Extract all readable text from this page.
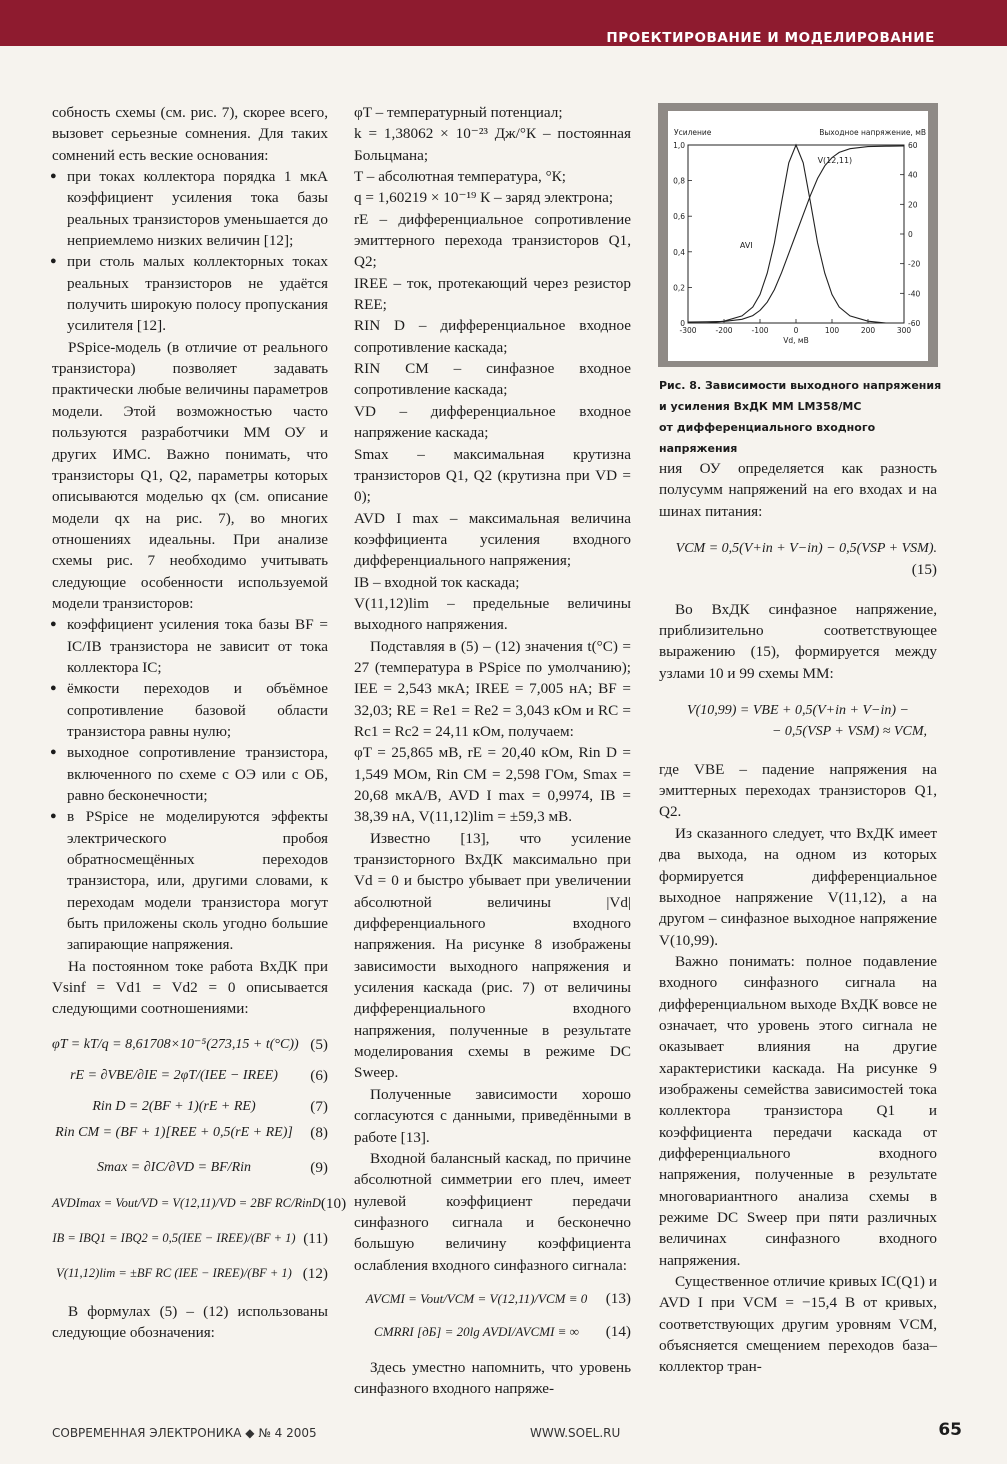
ПРОЕКТИРОВАНИЕ И МОДЕЛИРОВАНИЕ

собность схемы (см. рис. 7), скорее всего, вызовет серьезные сомнения. Для таких сомнений есть веские основания:

● при токах коллектора порядка 1 мкА коэффициент усиления тока базы реальных транзисторов уменьшается до неприемлемо низких величин [12];
● при столь малых коллекторных токах реальных транзисторов не удаётся получить широкую полосу пропускания усилителя [12].

PSpice-модель (в отличие от реального транзистора) позволяет задавать практически любые величины параметров модели. Этой возможностью часто пользуются разработчики ММ ОУ и других ИМС. Важно понимать, что транзисторы Q1, Q2, параметры которых описываются моделью qx (см. описание модели qx на рис. 7), во многих отношениях идеальны. При анализе схемы рис. 7 необходимо учитывать следующие особенности используемой модели транзисторов:

● коэффициент усиления тока базы BF = IC/IB транзистора не зависит от тока коллектора IC;
● ёмкости переходов и объёмное сопротивление базовой области транзистора равны нулю;
● выходное сопротивление транзистора, включенного по схеме с ОЭ или с ОБ, равно бесконечности;
● в PSpice не моделируются эффекты электрического пробоя обратносмещённых переходов транзистора, или, другими словами, к переходам модели транзистора могут быть приложены сколь угодно большие запирающие напряжения.

На постоянном токе работа ВхДК при Vsinf = Vd1 = Vd2 = 0 описывается следующими соотношениями:

φT = kT/q = 8,61708×10⁻⁵(273,15 + t(°C)) (5)
rE = ∂VBE/∂IE = 2φT/(IEE − IREE)	(6)
Rin D = 2(BF + 1)(rE + RE)	(7)
Rin CM = (BF + 1)[REE + 0,5(rE + RE)]	(8)
Smax = ∂IC/∂VD = BF/Rin	(9)
AVDImax = Vout/VD = V(12,11)/VD = 2BF RC/RinD (10)
IB = IBQ1 = IBQ2 = 0,5(IEE − IREE)/(BF + 1) (11)
V(11,12)lim = ±BF RC (IEE − IREE)/(BF + 1) (12)

В формулах (5) – (12) использованы следующие обозначения:

φT – температурный потенциал;

k = 1,38062 × 10⁻²³ Дж/°К – постоянная Больцмана;

T – абсолютная температура, °К;

q = 1,60219 × 10⁻¹⁹ К – заряд электрона;

rE – дифференциальное сопротивление эмиттерного перехода транзисторов Q1, Q2;

IREE – ток, протекающий через резистор REE;

RIN D – дифференциальное входное сопротивление каскада;

RIN CM – синфазное входное сопротивление каскада;

VD – дифференциальное входное напряжение каскада;

Smax – максимальная крутизна транзисторов Q1, Q2 (крутизна при VD = 0);

AVD I max – максимальная величина коэффициента усиления входного дифференциального напряжения;

IB – входной ток каскада;

V(11,12)lim – предельные величины выходного напряжения.

Подставляя в (5) – (12) значения t(°C) = 27 (температура в PSpice по умолчанию); IEE = 2,543 мкА; IREE = 7,005 нА; BF = 32,03; RE = Re1 = Re2 = 3,043 кОм и RC = Rc1 = Rc2 = 24,11 кОм, получаем:

φT = 25,865 мВ, rE = 20,40 кОм, Rin D = 1,549 МОм, Rin CM = 2,598 ГОм, Smax = 20,68 мкА/В, AVD I max = 0,9974, IB = 38,39 нА, V(11,12)lim = ±59,3 мВ.

Известно [13], что усиление транзисторного ВхДК максимально при Vd = 0 и быстро убывает при увеличении абсолютной величины |Vd| дифференциального входного напряжения. На рисунке 8 изображены зависимости выходного напряжения и усиления каскада (рис. 7) от величины дифференциального входного напряжения, полученные в результате моделирования схемы в режиме DC Sweep.

Полученные зависимости хорошо согласуются с данными, приведёнными в работе [13].

Входной балансный каскад, по причине абсолютной симметрии его плеч, имеет нулевой коэффициент передачи синфазного сигнала и бесконечно большую величину коэффициента ослабления входного синфазного сигнала:

AVCMI = Vout/VCM = V(12,11)/VCM ≡ 0	(13)
CMRRI [дБ] = 20lg AVDI/AVCMI ≡ ∞	(14)

Здесь уместно напомнить, что уровень синфазного входного напряже-

-300	-200	-100	0	100	200	300
0
0,2
0,4
0,6
0,8
1,0
-60
-40
-20
0
20
40
60
Усиление	Выходное напряжение, мВ
Vd, мВ
AVI
V(12,11)
Рис. 8. Зависимости выходного напряжения
и усиления ВхДК ММ LM358/MC
от дифференциального входного напряжения

ния ОУ определяется как разность полусумм напряжений на его входах и на шинах питания:

VCM = 0,5(V+in + V−in) − 0,5(VSP + VSM).
(15)

Во ВхДК синфазное напряжение, приблизительно соответствующее выражению (15), формируется между узлами 10 и 99 схемы ММ:

V(10,99) = VBE + 0,5(V+in + V−in) −
− 0,5(VSP + VSM) ≈ VCM,

где VBE – падение напряжения на эмиттерных переходах транзисторов Q1, Q2.

Из сказанного следует, что ВхДК имеет два выхода, на одном из которых формируется дифференциальное выходное напряжение V(11,12), а на другом – синфазное выходное напряжение V(10,99).

Важно понимать: полное подавление входного синфазного сигнала на дифференциальном выходе ВхДК вовсе не означает, что уровень этого сигнала не оказывает влияния на другие характеристики каскада. На рисунке 9 изображены семейства зависимостей тока коллектора транзистора Q1 и коэффициента передачи каскада от дифференциального входного напряжения, полученные в результате многовариантного анализа схемы в режиме DC Sweep при пяти различных величинах синфазного входного напряжения.

Существенное отличие кривых IC(Q1) и AVD I при VCM = −15,4 В от кривых, соответствующих другим уровням VCM, объясняется смещением переходов база–коллектор тран-

СОВРЕМЕННАЯ ЭЛЕКТРОНИКА ◆ № 4 2005	WWW.SOEL.RU	65
